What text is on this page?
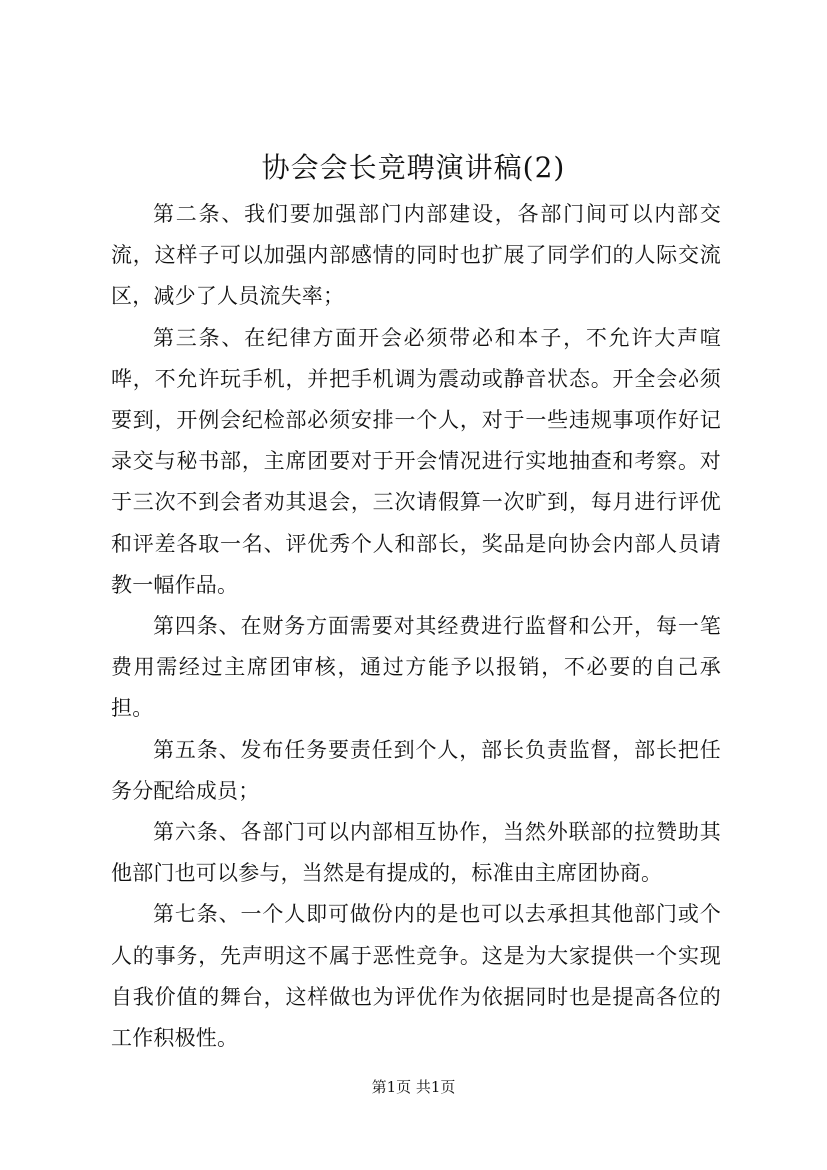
协会会长竞聘演讲稿(2)

第二条、我们要加强部门内部建设，各部门间可以内部交流，这样子可以加强内部感情的同时也扩展了同学们的人际交流区，减少了人员流失率；

第三条、在纪律方面开会必须带必和本子，不允许大声喧哗，不允许玩手机，并把手机调为震动或静音状态。开全会必须要到，开例会纪检部必须安排一个人，对于一些违规事项作好记录交与秘书部，主席团要对于开会情况进行实地抽查和考察。对于三次不到会者劝其退会，三次请假算一次旷到，每月进行评优和评差各取一名、评优秀个人和部长，奖品是向协会内部人员请教一幅作品。

第四条、在财务方面需要对其经费进行监督和公开，每一笔费用需经过主席团审核，通过方能予以报销，不必要的自己承担。

第五条、发布任务要责任到个人，部长负责监督，部长把任务分配给成员；

第六条、各部门可以内部相互协作，当然外联部的拉赞助其他部门也可以参与，当然是有提成的，标准由主席团协商。

第七条、一个人即可做份内的是也可以去承担其他部门或个人的事务，先声明这不属于恶性竞争。这是为大家提供一个实现自我价值的舞台，这样做也为评优作为依据同时也是提高各位的工作积极性。

第1页 共1页
